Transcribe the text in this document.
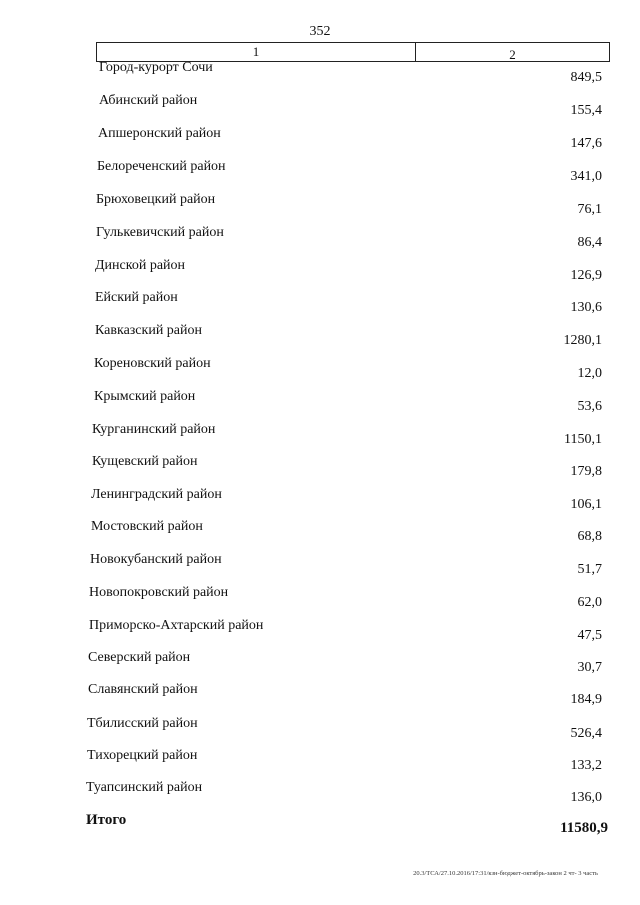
352
1	2
Город-курорт Сочи
849,5
Абинский район
155,4
Апшеронский район
147,6
Белореченский район
341,0
Брюховецкий район
76,1
Гулькевичский район
86,4
Динской район
126,9
Ейский район
130,6
Кавказский район
1280,1
Кореновский район
12,0
Крымский район
53,6
Курганинский район
1150,1
Кущевский район
179,8
Ленинградский район
106,1
Мостовский район
68,8
Новокубанский район
51,7
Новопокровский район
62,0
Приморско-Ахтарский район
47,5
Северский район
30,7
Славянский район
184,9
Тбилисский район
526,4
Тихорецкий район
133,2
Туапсинский район
136,0
Итого	11580,9
20.3/ТСА/27.10.2016/17:31/кзн-бюджет-октябрь-закон 2 чт- 3 часть
